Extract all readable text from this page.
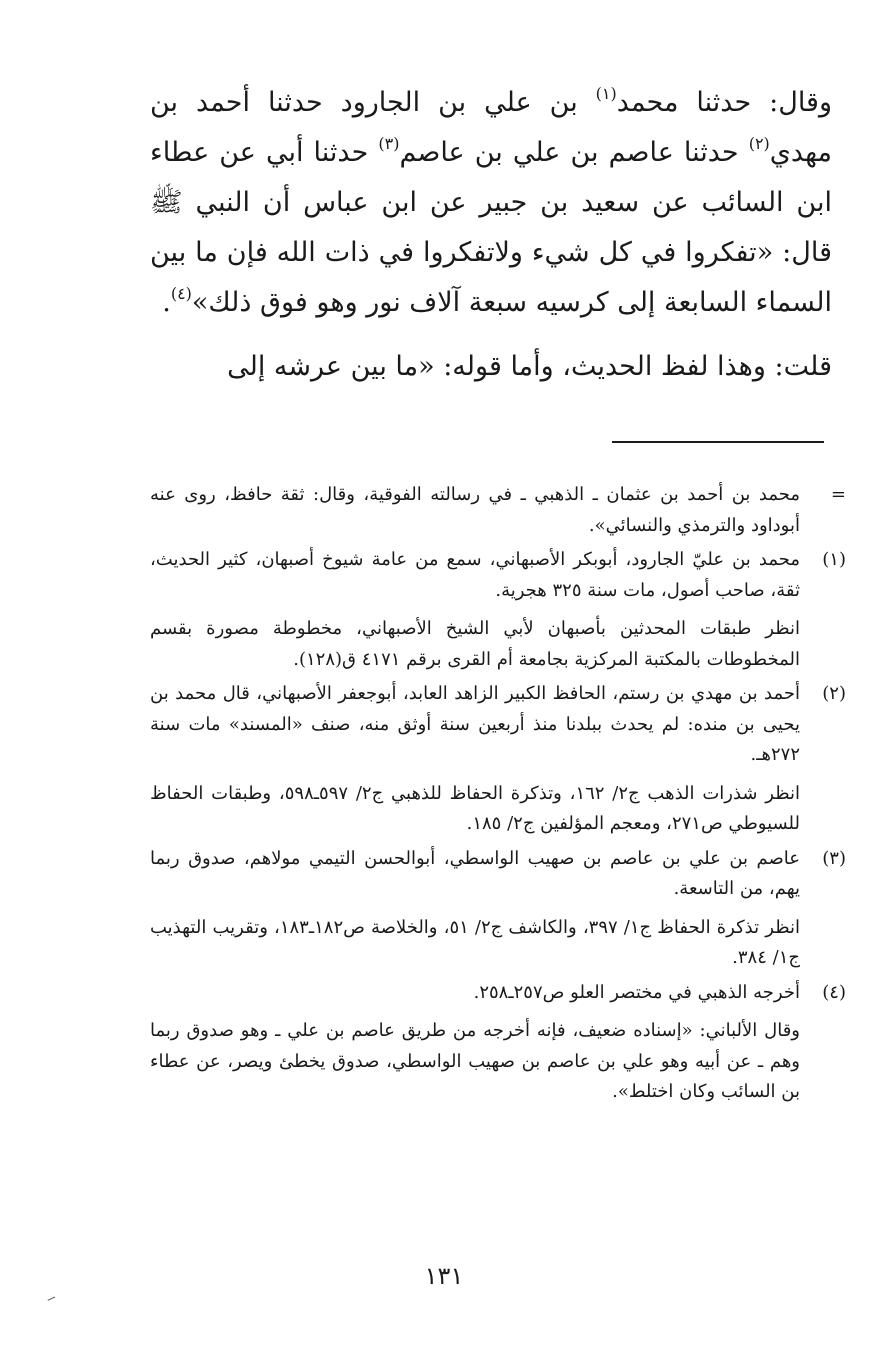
وقال: حدثنا محمد$^{(١)}$ بن علي بن الجارود حدثنا أحمد بن مهدي$^{(٢)}$ حدثنا عاصم بن علي بن عاصم$^{(٣)}$ حدثنا أبي عن عطاء ابن السائب عن سعيد بن جبير عن ابن عباس أن النبي ﷺ قال: «تفكروا في كل شيء ولاتفكروا في ذات الله فإن ما بين السماء السابعة إلى كرسيه سبعة آلاف نور وهو فوق ذلك»$^{(٤)}$.

قلت: وهذا لفظ الحديث، وأما قوله: «ما بين عرشه إلى

=

محمد بن أحمد بن عثمان ـ الذهبي ـ في رسالته الفوقية، وقال: ثقة حافظ، روى عنه أبوداود والترمذي والنسائي».

(١)

محمد بن عليّ الجارود، أبوبكر الأصبهاني، سمع من عامة شيوخ أصبهان، كثير الحديث، ثقة، صاحب أصول، مات سنة ٣٢٥ هجرية.

انظر طبقات المحدثين بأصبهان لأبي الشيخ الأصبهاني، مخطوطة مصورة بقسم المخطوطات بالمكتبة المركزية بجامعة أم القرى برقم ٤١٧١ ق(١٢٨).

(٢)

أحمد بن مهدي بن رستم، الحافظ الكبير الزاهد العابد، أبوجعفر الأصبهاني، قال محمد بن يحيى بن منده: لم يحدث ببلدنا منذ أربعين سنة أوثق منه، صنف «المسند» مات سنة ٢٧٢هـ.

انظر شذرات الذهب ج٢/ ١٦٢، وتذكرة الحفاظ للذهبي ج٢/ ٥٩٧ـ٥٩٨، وطبقات الحفاظ للسيوطي ص٢٧١، ومعجم المؤلفين ج٢/ ١٨٥.

(٣)

عاصم بن علي بن عاصم بن صهيب الواسطي، أبوالحسن التيمي مولاهم، صدوق ربما يهم، من التاسعة.

انظر تذكرة الحفاظ ج١/ ٣٩٧، والكاشف ج٢/ ٥١، والخلاصة ص١٨٢ـ١٨٣، وتقريب التهذيب ج١/ ٣٨٤.

(٤)

أخرجه الذهبي في مختصر العلو ص٢٥٧ـ٢٥٨.

وقال الألباني: «إسناده ضعيف، فإنه أخرجه من طريق عاصم بن علي ـ وهو صدوق ربما وهم ـ عن أبيه وهو علي بن عاصم بن صهيب الواسطي، صدوق يخطئ ويصر، عن عطاء بن السائب وكان اختلط».

١٣١
